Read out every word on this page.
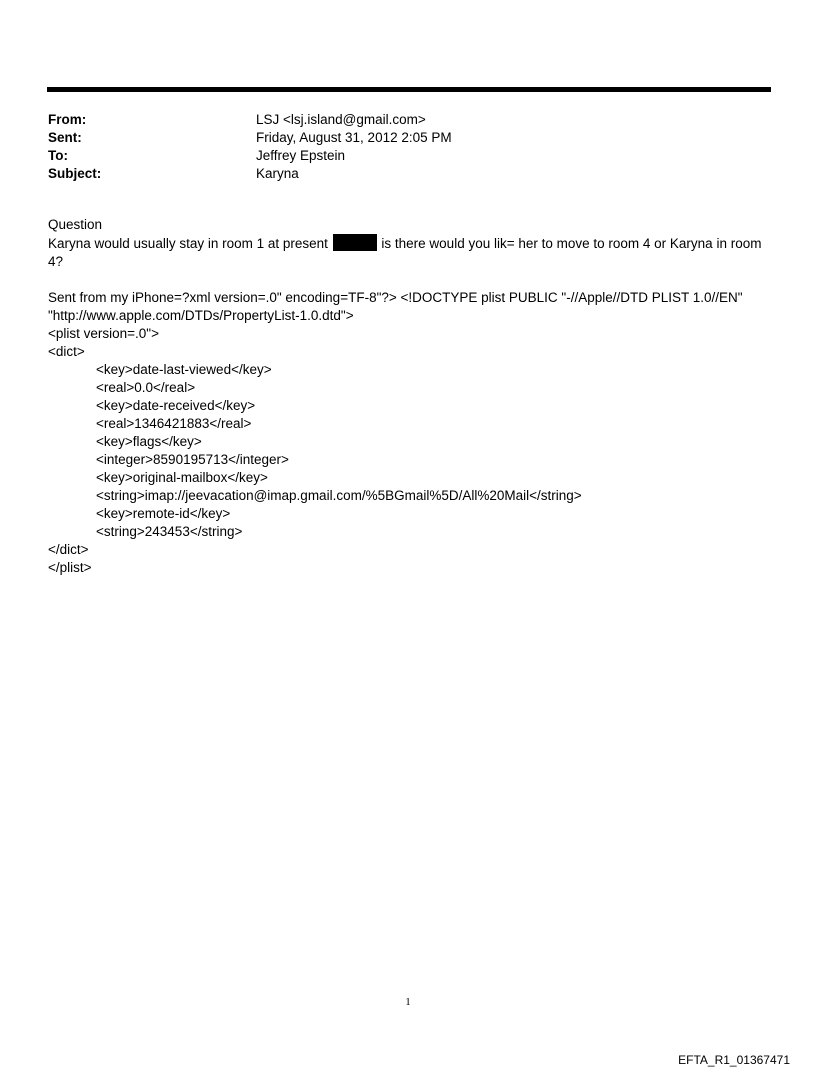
From:	LSJ <lsj.island@gmail.com>
Sent:	Friday, August 31, 2012 2:05 PM
To:	Jeffrey Epstein
Subject:	Karyna
Question
Karyna would usually stay in room 1 at present	is there would you lik= her to move to room 4 or Karyna in room 4?
Sent from my iPhone=?xml version=.0" encoding=TF-8"?> <!DOCTYPE plist PUBLIC "-//Apple//DTD PLIST 1.0//EN" "http://www.apple.com/DTDs/PropertyList-1.0.dtd">
<plist version=.0">
<dict>
<key>date-last-viewed</key>
<real>0.0</real>
<key>date-received</key>
<real>1346421883</real>
<key>flags</key>
<integer>8590195713</integer>
<key>original-mailbox</key>
<string>imap://jeevacation@imap.gmail.com/%5BGmail%5D/All%20Mail</string>
<key>remote-id</key>
<string>243453</string>
</dict>
</plist>
1
EFTA_R1_01367471
